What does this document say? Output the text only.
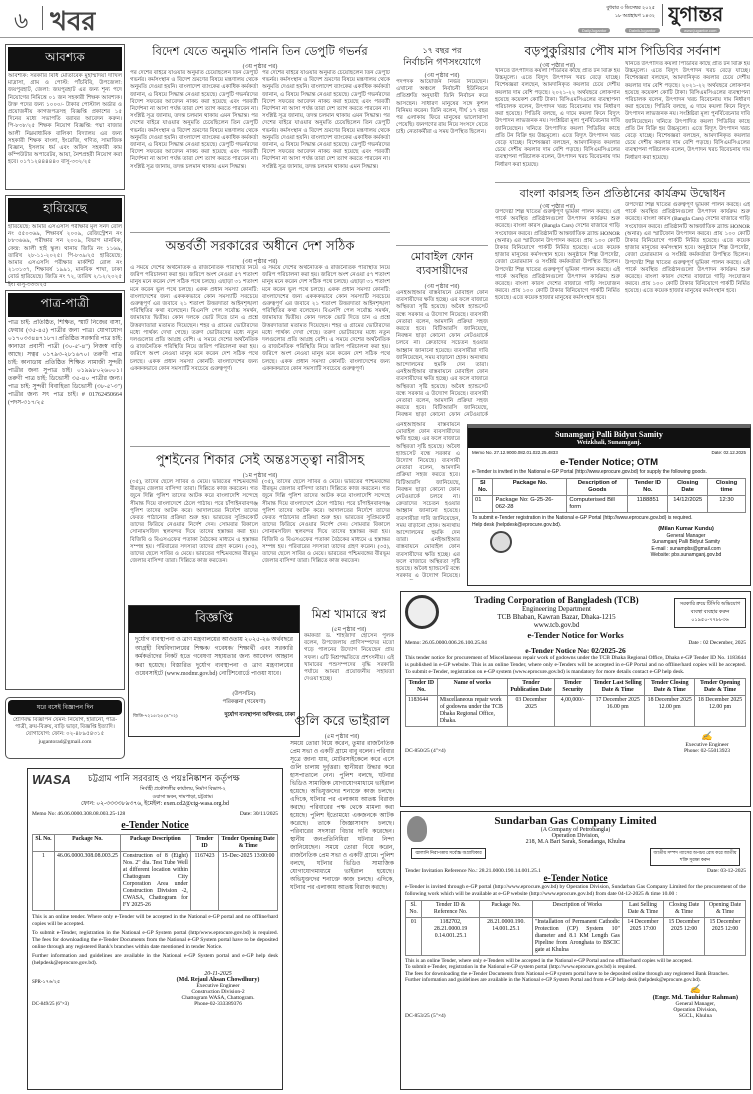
৬ খবর	বুধবার ৩ ডিসেম্বর ২০২৫
১৮ অগ্রহায়ণ ১৪৩২ যুগান্তর
DailyJugantor	DainikJugantor	www.jugantor.com
আবশ্যক
আবশ্যক: সরকারি বিধি মোতাবেক মুহাম্মদিয়া দাখিল মাদ্রাসা, গ্রাম ও পোস্ট: পাঁচবিবি, উপজেলা: জয়পুরহাট, জেলা: জয়পুরহাট এর জন্য শূন্য পদে নিয়োগের নিমিত্তে ০১ জন সহকারী শিক্ষক আবশ্যক। উক্ত পদের জন্য ১০০০/- টাকার পোস্টাল অর্ডার ও প্রয়োজনীয় কাগজপত্রসহ বিজ্ঞপ্তি প্রকাশের ১৫ দিনের মধ্যে সভাপতি বরাবর আবেদন করুন। পি-৮৩৮/২৫ শিক্ষক নিয়োগ বিজ্ঞপ্তি: পদ্মা বাজার আলী নিম্নমাধ্যমিক বালিকা বিদ্যালয় এর জন্য সহকারী শিক্ষক বাংলা, ইংরেজি, গণিত, সামাজিক বিজ্ঞান, ইসলাম ধর্ম এবং অফিস সহকারী কাম কম্পিউটার অপারেটর, আয়া, নৈশপ্রহরী নিয়োগ করা হবে। ০১৭১২৪৪৪৪৪০ বাসু-৩৩২/২৫
হারিয়েছে
হারিয়েছে: আমার এসএসসি পরীক্ষার মূল সনদ রোল নং ৫৫০৩৬৯, শিক্ষাবর্ষ ২০০৯, রেজিস্ট্রেশন নং ৮৮৩৬৬৯, পরীক্ষার সন ২০০৯, বিভাগ মানবিক, কেন্দ্র: আলী হাই স্কুল। থানায় জিডি নং ১১৬৯, তারিখ ২৮-১১-২০২৫। পি-৮৩৯/২৫ হারিয়েছে: আমার এসএসসি পরীক্ষার মার্কশিট রোল নং ২১৩১৩৭, শিক্ষাবর্ষ ১৯৯১, মানবিক শাখা, ঢাকা বোর্ড হারিয়েছে। জিডি নং ৭২, তারিখ ২/১২/২০২৫ ইং। বাসু-৩৩৩/২৫
পাত্র-পাত্রী
পাত্র চাই: প্রতিষ্ঠিত, শিক্ষিত, স্মার্ট নিজের বাসা, ফেয়ার (৩৫-৪৫) পাত্রীর জন্য পাত্র। যোগাযোগ ০১৭০৩৩৪৪৭১৮৭। প্রতিষ্ঠিত সরকারি পাত্র চাই: কানাডা প্রবাসী পাত্রী (৩০-৫'-৪") নিজস্ব বাড়ি আছে। সত্বর ০১৭৯৩-২৮১৬৭০। তরুণী পাত্র চাই: কানাডায় প্রতিষ্ঠিত শিক্ষিত নামাজী সুন্দরী পাত্রীর জন্য সুপাত্র চাই। ০১৯৯৮০২৬০০১। তরুণী পাত্র চাই: ডিভোর্সী ৩৫-৪০ পাত্রীর জন্য। পাত্র চাই: সুন্দরী বিবাহিতা ডিভোর্সী (৩৮-৫'-৩") পাত্রীর জন্য সৎ পাত্র চাই। # 01762450664 (পদস-৩১৭/২৫
ঘরে বসেই বিজ্ঞাপন দিন
শ্রেণিবদ্ধ বিজ্ঞাপন যেমন: নিয়োগ, হারানো, পাত্র-পাত্রী, ক্রয়-বিক্রয়, বাড়ি ভাড়া, বিজ্ঞপ্তি ইত্যাদি। যোগাযোগ: ফোন: ০২-৪৮৯৫৪৩১৫ jugantorad@gmail.com
বিদেশ যেতে অনুমতি পাননি তিন ডেপুটি গভর্নর
(৩য় পৃষ্ঠার পর)
পর দেশের বাইরে যাওয়ার অনুমতি চেয়েছিলেন তিন ডেপুটি গভর্নর। কর্মসংস্থান ও বিদেশ ভ্রমণের বিষয়ে মন্ত্রণালয় থেকে অনুমতি দেওয়া হয়নি। বাংলাদেশ ব্যাংকের একাধিক কর্মকর্তা জানান, এ বিষয়ে সিদ্ধান্ত নেওয়া হয়েছে। ডেপুটি গভর্নরদের বিদেশ সফরের আবেদন নাকচ করা হয়েছে এবং পরবর্তী নির্দেশনা না আসা পর্যন্ত তারা দেশ ত্যাগ করতে পারবেন না। সংশ্লিষ্ট সূত্র জানায়, তদন্ত চলমান থাকায় এমন সিদ্ধান্ত। পর দেশের বাইরে যাওয়ার অনুমতি চেয়েছিলেন তিন ডেপুটি গভর্নর। কর্মসংস্থান ও বিদেশ ভ্রমণের বিষয়ে মন্ত্রণালয় থেকে অনুমতি দেওয়া হয়নি। বাংলাদেশ ব্যাংকের একাধিক কর্মকর্তা জানান, এ বিষয়ে সিদ্ধান্ত নেওয়া হয়েছে। ডেপুটি গভর্নরদের বিদেশ সফরের আবেদন নাকচ করা হয়েছে এবং পরবর্তী নির্দেশনা না আসা পর্যন্ত তারা দেশ ত্যাগ করতে পারবেন না। সংশ্লিষ্ট সূত্র জানায়, তদন্ত চলমান থাকায় এমন সিদ্ধান্ত।
পর দেশের বাইরে যাওয়ার অনুমতি চেয়েছিলেন তিন ডেপুটি গভর্নর। কর্মসংস্থান ও বিদেশ ভ্রমণের বিষয়ে মন্ত্রণালয় থেকে অনুমতি দেওয়া হয়নি। বাংলাদেশ ব্যাংকের একাধিক কর্মকর্তা জানান, এ বিষয়ে সিদ্ধান্ত নেওয়া হয়েছে। ডেপুটি গভর্নরদের বিদেশ সফরের আবেদন নাকচ করা হয়েছে এবং পরবর্তী নির্দেশনা না আসা পর্যন্ত তারা দেশ ত্যাগ করতে পারবেন না। সংশ্লিষ্ট সূত্র জানায়, তদন্ত চলমান থাকায় এমন সিদ্ধান্ত। পর দেশের বাইরে যাওয়ার অনুমতি চেয়েছিলেন তিন ডেপুটি গভর্নর। কর্মসংস্থান ও বিদেশ ভ্রমণের বিষয়ে মন্ত্রণালয় থেকে অনুমতি দেওয়া হয়নি। বাংলাদেশ ব্যাংকের একাধিক কর্মকর্তা জানান, এ বিষয়ে সিদ্ধান্ত নেওয়া হয়েছে। ডেপুটি গভর্নরদের বিদেশ সফরের আবেদন নাকচ করা হয়েছে এবং পরবর্তী নির্দেশনা না আসা পর্যন্ত তারা দেশ ত্যাগ করতে পারবেন না। সংশ্লিষ্ট সূত্র জানায়, তদন্ত চলমান থাকায় এমন সিদ্ধান্ত।
অন্তর্বর্তী সরকারের অধীনে দেশ সঠিক
(৩য় পৃষ্ঠার পর)
এ সময়ে দেশের অর্থনৈতিক ও রাজনৈতিক পরিস্থিতি নিয়ে জরিপ পরিচালনা করা হয়। জরিপে অংশ নেওয়া ৫৭ শতাংশ মানুষ মনে করেন দেশ সঠিক পথে চলছে। এছাড়া ৩১ শতাংশ মনে করেন ভুল পথে চলছে। একক প্রধান সমস্যা কোনটি: বাংলাদেশের জন্য একককভাবে কোন সমস্যাটি সবচেয়ে গুরুত্বপূর্ণ এর জবাবে ২১ শতাংশ উত্তরদাতা আইনশৃঙ্খলা পরিস্থিতির কথা বলেছেন। বিএনপি পেল সর্বোচ্চ সমর্থন, জামায়াত দ্বিতীয়। কোন দলকে ভোট দিতে চান এ প্রশ্নে উত্তরদাতারা মতামত দিয়েছেন। শহর ও গ্রামের ভোটারদের মধ্যে পার্থক্য দেখা গেছে। তরুণ ভোটারদের মধ্যে নতুন দলগুলোর প্রতি আগ্রহ বেশি। এ সময়ে দেশের অর্থনৈতিক ও রাজনৈতিক পরিস্থিতি নিয়ে জরিপ পরিচালনা করা হয়। জরিপে অংশ নেওয়া মানুষ মনে করেন দেশ সঠিক পথে চলছে। একক প্রধান সমস্যা কোনটি: বাংলাদেশের জন্য একককভাবে কোন সমস্যাটি সবচেয়ে গুরুত্বপূর্ণ।
এ সময়ে দেশের অর্থনৈতিক ও রাজনৈতিক পরিস্থিতি নিয়ে জরিপ পরিচালনা করা হয়। জরিপে অংশ নেওয়া ৫৭ শতাংশ মানুষ মনে করেন দেশ সঠিক পথে চলছে। এছাড়া ৩১ শতাংশ মনে করেন ভুল পথে চলছে। একক প্রধান সমস্যা কোনটি: বাংলাদেশের জন্য একককভাবে কোন সমস্যাটি সবচেয়ে গুরুত্বপূর্ণ এর জবাবে ২১ শতাংশ উত্তরদাতা আইনশৃঙ্খলা পরিস্থিতির কথা বলেছেন। বিএনপি পেল সর্বোচ্চ সমর্থন, জামায়াত দ্বিতীয়। কোন দলকে ভোট দিতে চান এ প্রশ্নে উত্তরদাতারা মতামত দিয়েছেন। শহর ও গ্রামের ভোটারদের মধ্যে পার্থক্য দেখা গেছে। তরুণ ভোটারদের মধ্যে নতুন দলগুলোর প্রতি আগ্রহ বেশি। এ সময়ে দেশের অর্থনৈতিক ও রাজনৈতিক পরিস্থিতি নিয়ে জরিপ পরিচালনা করা হয়। জরিপে অংশ নেওয়া মানুষ মনে করেন দেশ সঠিক পথে চলছে। একক প্রধান সমস্যা কোনটি: বাংলাদেশের জন্য একককভাবে কোন সমস্যাটি সবচেয়ে গুরুত্বপূর্ণ।
পুশইনের শিকার সেই অন্তঃসত্ত্বা নারীসহ
(১ম পৃষ্ঠার পর)
(৩৫), তাদের ছেলে সাবির ও মেয়ে। ভারতের পশ্চিমবঙ্গের বীরভূম জেলার বাসিন্দা তারা। দিল্লিতে কাজ করতেন। গত জুনে দিল্লি পুলিশ তাদের আটক করে বাংলাদেশি সন্দেহে সীমান্ত দিয়ে বাংলাদেশে ঠেলে পাঠায়। পরে চাঁপাইনবাবগঞ্জ পুলিশ তাদের আটক করে। আদালতের নির্দেশে তাদের ফেরত পাঠানোর প্রক্রিয়া শুরু হয়। ভারতের সুপ্রিমকোর্ট তাদের ফিরিয়ে নেওয়ার নির্দেশ দেন। সোমবার বিকালে সোনামসজিদ স্থলবন্দর দিয়ে তাদের হস্তান্তর করা হয়। বিজিবি ও বিএসএফের পতাকা বৈঠকের মাধ্যমে এ হস্তান্তর সম্পন্ন হয়। পরিবারের সদস্যরা তাদের গ্রহণ করেন। (৩৫), তাদের ছেলে সাবির ও মেয়ে। ভারতের পশ্চিমবঙ্গের বীরভূম জেলার বাসিন্দা তারা। দিল্লিতে কাজ করতেন।
(৩৫), তাদের ছেলে সাবির ও মেয়ে। ভারতের পশ্চিমবঙ্গের বীরভূম জেলার বাসিন্দা তারা। দিল্লিতে কাজ করতেন। গত জুনে দিল্লি পুলিশ তাদের আটক করে বাংলাদেশি সন্দেহে সীমান্ত দিয়ে বাংলাদেশে ঠেলে পাঠায়। পরে চাঁপাইনবাবগঞ্জ পুলিশ তাদের আটক করে। আদালতের নির্দেশে তাদের ফেরত পাঠানোর প্রক্রিয়া শুরু হয়। ভারতের সুপ্রিমকোর্ট তাদের ফিরিয়ে নেওয়ার নির্দেশ দেন। সোমবার বিকালে সোনামসজিদ স্থলবন্দর দিয়ে তাদের হস্তান্তর করা হয়। বিজিবি ও বিএসএফের পতাকা বৈঠকের মাধ্যমে এ হস্তান্তর সম্পন্ন হয়। পরিবারের সদস্যরা তাদের গ্রহণ করেন। (৩৫), তাদের ছেলে সাবির ও মেয়ে। ভারতের পশ্চিমবঙ্গের বীরভূম জেলার বাসিন্দা তারা। দিল্লিতে কাজ করতেন।
বিজ্ঞপ্তি
দুর্যোগ ব্যবস্থাপনা ও ত্রাণ মন্ত্রণালয়ের আওতায় ২০২৫-২৬ অর্থবছরে আগ্রহী বিশ্ববিদ্যালয়ের শিক্ষক/ গবেষক/ শিক্ষার্থী এবং সরকারি কর্মকর্তাদের নিকট হতে গবেষণা সহায়তার জন্য আবেদন আহ্বান করা হয়েছে। বিস্তারিত দুর্যোগ ব্যবস্থাপনা ও ত্রাণ মন্ত্রণালয়ের ওয়েবসাইটে (www.modmr.gov.bd) নোটিশবোর্ডে পাওয়া যাবে।
(উপসচিব)
পরিকল্পনা (গবেষণা)
জিডি-৭২১৫/২৫ (৪"×২)	দুর্যোগ ব্যবস্থাপনা অধিদপ্তর, ঢাকা
মিশ্র খামারে স্বপ্ন
(৫ম পৃষ্ঠার পর)
কর্মকর্তা ড. শাহজাদা হোসেন পুলক বলেন, উপজেলায় প্রাণিসম্পদের মতো গড়ে পালনের উদ্যোগ নিয়েছেন প্রায় সফল। এটি মিশ্রপদ্ধতিতে প্রশংসনীয়। এই খামারের পশুসম্পদের বৃদ্ধি সরকারি পর্যায়ে আমরা প্রয়োজনীয় সহায়তা দেওয়া হচ্ছে।
গুলি করে ভাইরাল
(৫ম পৃষ্ঠার পর)
সময়ে তোরা বিয়ে করেন, তুমার রাজনৈতিক প্রেম সভা ও একটি গ্রামে বাবু বলেন। পরিবার সূত্রে জানা যায়, মোটরসাইকেলে করে এসে গুলি চালায় দুর্বৃত্তরা। স্থানীয়রা উদ্ধার করে হাসপাতালে নেন। পুলিশ বলছে, ঘটনার ভিডিও সামাজিক যোগাযোগমাধ্যমে ভাইরাল হয়েছে। অভিযুক্তদের শনাক্তে কাজ চলছে। এদিকে, ঘটনার পর এলাকায় আতঙ্ক বিরাজ করছে। পরিবারের পক্ষ থেকে মামলা করা হয়েছে। পুলিশ ইতোমধ্যে একজনকে আটক করেছে। তাকে জিজ্ঞাসাবাদ চলছে। পরিবারের সদস্যরা বিচার দাবি করেছেন। স্থানীয় জনপ্রতিনিধিরা ঘটনার নিন্দা জানিয়েছেন। সময়ে তোরা বিয়ে করেন, রাজনৈতিক প্রেম সভা ও একটি গ্রামে। পুলিশ বলছে, ঘটনার ভিডিও সামাজিক যোগাযোগমাধ্যমে ভাইরাল হয়েছে। অভিযুক্তদের শনাক্তে কাজ চলছে। এদিকে, ঘটনার পর এলাকায় আতঙ্ক বিরাজ করছে।
WASA	চট্টগ্রাম পানি সরবরাহ ও পয়ঃনিষ্কাশন কর্তৃপক্ষ
নির্বাহী প্রকৌশলীর কার্যালয়, নির্মাণ বিভাগ-২
ওয়াসা ভবন, দামপাড়া, চট্টগ্রাম।
ফোন: ০২-৩৩৩৩৮৯৩৭৬, ইমেইল: exen.cd2@ctg-wasa.org.bd
Memo No: 46.06.0000.308.08.003.25-128	Date: 30/11/2025
e-Tender Notice
Sl. No.	Package No.	Package Description	Tender ID	Tender Opening Date & Time
1	46.06.0000.308.08.003.25	Construction of 8 (Eight) Nos. 2" dia. Test Tube Well at different location within Chattogram City Corporation Area under Construction Division -2, CWASA, Chattogram for FY 2025-26	1167423	15-Dec-2025 13:00:00

This is an online tender. Where only e-Tender will be accepted in the National e-GP portal and no offline/hard copies will be accepted.

To submit e-Tender, registration in the National e-GP System portal (http/www.eprocure.gov.bd) is required. The fees for downloading the e-Tender Documents from the National e-GP System portal have to be deposited online through any registered Bank's branches within date mentioned in tender Notice.

Further information and guidelines are available in the National e-GP System portal and e-GP help desk (helpdesk@eprocure.gov.bd).

SPR-১৭৬/২৫
DC-849/25 (6"×3)
20-11-2025
(Md. Rejaul Ahsan Chowdhury)
Executive Engineer
Construction Division-2
Chattogram WASA, Chattogram.
Phone-02-333389376
১৭ বছর পর
নির্বাচনি গণসংযোগে
(৩য় পৃষ্ঠার পর)
পদপদক আয়োজন নির্ভর নিয়েছেন। এখানো অঞ্চলে নির্বাচনী ইউনিয়নে প্রতিশ্রুতি অনুযায়ী তিনি নির্বাচন করে আসছেন। সাধারণ মানুষের সঙ্গে কুশল বিনিময় করেন। তিনি বলেন, দীর্ঘ ১৭ বছর পর এলাকায় ফিরে মানুষের ভালোবাসা পেয়েছি। জনগণের রায় নিয়ে সংসদে যেতে চাই। নেতাকর্মীরা এ সময় উপস্থিত ছিলেন।
মোবাইল ফোন ব্যবসায়ীদের
(৩য় পৃষ্ঠার পর)
এনইআইআর বাস্তবায়নে মোবাইল ফোন ব্যবসায়ীদের ক্ষতি হচ্ছে। এর ফলে বাজারে অস্থিরতা সৃষ্টি হয়েছে। অবৈধ হ্যান্ডসেট বন্ধে সরকার এ উদ্যোগ নিয়েছে। ব্যবসায়ী নেতারা বলেন, আমদানি প্রক্রিয়া সহজ করতে হবে। বিটিআরসি জানিয়েছে, নিবন্ধন ছাড়া কোনো ফোন নেটওয়ার্কে চলবে না। ক্রেতাদের সচেতন হওয়ার আহ্বান জানানো হয়েছে। ব্যবসায়ীরা দাবি জানিয়েছেন, সময় বাড়ানো হোক। অন্যথায় আন্দোলনের হুমকি দেন তারা। এনইআইআর বাস্তবায়নে মোবাইল ফোন ব্যবসায়ীদের ক্ষতি হচ্ছে। এর ফলে বাজারে অস্থিরতা সৃষ্টি হয়েছে। অবৈধ হ্যান্ডসেট বন্ধে সরকার এ উদ্যোগ নিয়েছে। ব্যবসায়ী নেতারা বলেন, আমদানি প্রক্রিয়া সহজ করতে হবে। বিটিআরসি জানিয়েছে, নিবন্ধন ছাড়া কোনো ফোন নেটওয়ার্কে
এনইআইআর বাস্তবায়নে মোবাইল ফোন ব্যবসায়ীদের ক্ষতি হচ্ছে। এর ফলে বাজারে অস্থিরতা সৃষ্টি হয়েছে। অবৈধ হ্যান্ডসেট বন্ধে সরকার এ উদ্যোগ নিয়েছে। ব্যবসায়ী নেতারা বলেন, আমদানি প্রক্রিয়া সহজ করতে হবে। বিটিআরসি জানিয়েছে, নিবন্ধন ছাড়া কোনো ফোন নেটওয়ার্কে চলবে না। ক্রেতাদের সচেতন হওয়ার আহ্বান জানানো হয়েছে। ব্যবসায়ীরা দাবি জানিয়েছেন, সময় বাড়ানো হোক। অন্যথায় আন্দোলনের হুমকি দেন তারা। এনইআইআর বাস্তবায়নে মোবাইল ফোন ব্যবসায়ীদের ক্ষতি হচ্ছে। এর ফলে বাজারে অস্থিরতা সৃষ্টি হয়েছে। অবৈধ হ্যান্ডসেট বন্ধে সরকার এ উদ্যোগ নিয়েছে।
বড়পুকুরিয়ার পৌষ মাস পিডিবির সর্বনাশ
(৩য় পৃষ্ঠার পর)
খনিতে উৎপাদিত কয়লা পিডিবির কাছে প্রতি টন বিক্রি হয় উচ্চমূল্যে। এতে বিদ্যুৎ উৎপাদন খরচ বেড়ে যাচ্ছে। বিশেষজ্ঞরা বলছেন, আমদানিকৃত কয়লার চেয়ে দেশীয় কয়লার দাম বেশি পড়ছে। ২০২১-২২ অর্থবছরে লোকসান হয়েছে কয়েকশ কোটি টাকা। বিসিএমসিএলের ব্যবস্থাপনা পরিচালক বলেন, উৎপাদন খরচ বিবেচনায় দাম নির্ধারণ করা হয়েছে। পিডিবি বলছে, এ দামে কয়লা কিনে বিদ্যুৎ উৎপাদন লাভজনক নয়। সংশ্লিষ্টরা মূল্য পুনর্বিবেচনার দাবি জানিয়েছেন। খনিতে উৎপাদিত কয়লা পিডিবির কাছে প্রতি টন বিক্রি হয় উচ্চমূল্যে। এতে বিদ্যুৎ উৎপাদন খরচ বেড়ে যাচ্ছে। বিশেষজ্ঞরা বলছেন, আমদানিকৃত কয়লার চেয়ে দেশীয় কয়লার দাম বেশি পড়ছে। বিসিএমসিএলের ব্যবস্থাপনা পরিচালক বলেন, উৎপাদন খরচ বিবেচনায় দাম নির্ধারণ করা হয়েছে।
খনিতে উৎপাদিত কয়লা পিডিবির কাছে প্রতি টন বিক্রি হয় উচ্চমূল্যে। এতে বিদ্যুৎ উৎপাদন খরচ বেড়ে যাচ্ছে। বিশেষজ্ঞরা বলছেন, আমদানিকৃত কয়লার চেয়ে দেশীয় কয়লার দাম বেশি পড়ছে। ২০২১-২২ অর্থবছরে লোকসান হয়েছে কয়েকশ কোটি টাকা। বিসিএমসিএলের ব্যবস্থাপনা পরিচালক বলেন, উৎপাদন খরচ বিবেচনায় দাম নির্ধারণ করা হয়েছে। পিডিবি বলছে, এ দামে কয়লা কিনে বিদ্যুৎ উৎপাদন লাভজনক নয়। সংশ্লিষ্টরা মূল্য পুনর্বিবেচনার দাবি জানিয়েছেন। খনিতে উৎপাদিত কয়লা পিডিবির কাছে প্রতি টন বিক্রি হয় উচ্চমূল্যে। এতে বিদ্যুৎ উৎপাদন খরচ বেড়ে যাচ্ছে। বিশেষজ্ঞরা বলছেন, আমদানিকৃত কয়লার চেয়ে দেশীয় কয়লার দাম বেশি পড়ছে। বিসিএমসিএলের ব্যবস্থাপনা পরিচালক বলেন, উৎপাদন খরচ বিবেচনায় দাম নির্ধারণ করা হয়েছে।
বাংলা কারসহ তিন প্রতিষ্ঠানের কার্যক্রম উদ্বোধন
(৩য় পৃষ্ঠার পর)
উপদেষ্টা শিল্প খাতের গুরুত্বপূর্ণ ভূমিকা পালন করছে। এই পার্কে অবস্থিত প্রতিষ্ঠানগুলো উৎপাদন কার্যক্রম শুরু করেছে। বাংলা কারস (Bangla Cars) দেশের বাজারে গাড়ি সংযোজন করবে। প্রতিষ্ঠানটি আন্তর্জাতিক ব্র্যান্ড HONOR (অনার) এর স্মার্টফোন উৎপাদন করবে। প্রায় ১০০ কোটি টাকার বিনিয়োগে পার্কটি নির্মিত হয়েছে। এতে কয়েক হাজার মানুষের কর্মসংস্থান হবে। অনুষ্ঠানে শিল্প উপদেষ্টা, বেজা চেয়ারম্যান ও সংশ্লিষ্ট কর্মকর্তারা উপস্থিত ছিলেন। উপদেষ্টা শিল্প খাতের গুরুত্বপূর্ণ ভূমিকা পালন করছে। এই পার্কে অবস্থিত প্রতিষ্ঠানগুলো উৎপাদন কার্যক্রম শুরু করেছে। বাংলা কারস দেশের বাজারে গাড়ি সংযোজন করবে। প্রায় ১০০ কোটি টাকার বিনিয়োগে পার্কটি নির্মিত হয়েছে। এতে কয়েক হাজার মানুষের কর্মসংস্থান হবে।
উপদেষ্টা শিল্প খাতের গুরুত্বপূর্ণ ভূমিকা পালন করছে। এই পার্কে অবস্থিত প্রতিষ্ঠানগুলো উৎপাদন কার্যক্রম শুরু করেছে। বাংলা কারস (Bangla Cars) দেশের বাজারে গাড়ি সংযোজন করবে। প্রতিষ্ঠানটি আন্তর্জাতিক ব্র্যান্ড HONOR (অনার) এর স্মার্টফোন উৎপাদন করবে। প্রায় ১০০ কোটি টাকার বিনিয়োগে পার্কটি নির্মিত হয়েছে। এতে কয়েক হাজার মানুষের কর্মসংস্থান হবে। অনুষ্ঠানে শিল্প উপদেষ্টা, বেজা চেয়ারম্যান ও সংশ্লিষ্ট কর্মকর্তারা উপস্থিত ছিলেন। উপদেষ্টা শিল্প খাতের গুরুত্বপূর্ণ ভূমিকা পালন করছে। এই পার্কে অবস্থিত প্রতিষ্ঠানগুলো উৎপাদন কার্যক্রম শুরু করেছে। বাংলা কারস দেশের বাজারে গাড়ি সংযোজন করবে। প্রায় ১০০ কোটি টাকার বিনিয়োগে পার্কটি নির্মিত হয়েছে। এতে কয়েক হাজার মানুষের কর্মসংস্থান হবে।
Sunamganj Palli Bidyut Samity
Weizkhali, Sunamganj.
Memo No. 27.12.9000.082.01.022.25.4833	Date: 02.12.2025
e-Tender Notice; OTM
e-Tender is invited in the National e-GP Portal (http://www.eprocure.gov.bd) for supply the following goods.
Sl No.	Package No.	Description of Goods	Tender ID No.	Closing Date	Closing time
01	Package No: G-25-26-062-28	Computerised Bill form	1188851	14/12/2025	12:30
To submit e-Tender registration in the National e-GP Portal (http://www.eprocure.gov.bd) is required.
Help desk (helpdesk@eprocure.gov.bd).
(Milan Kumar Kundu)
General Manager
Sunamganj Palli Bidyut Samity
E-mail : sunampbs@gmail.com
Website: pbs.sunamganj.gov.bd
Trading Corporation of Bangladesh (TCB)
Engineering Department
TCB Bhaban, Kawran Bazar, Dhaka-1215
www.tcb.gov.bd
সরকারি ক্রয়ে টিসিবি অভিযোগ ব্যবস্থা ব্যবহার করুন ০১৯৫০-৭৭৮৮৩৬
e-Tender Notice for Works
Memo: 26.05.0000.006.26.100.25.84	Date : 02 December, 2025
e-Tender Notice No: 02/2025-26
This tender notice for procurement of Miscellaneous repair work of godowns under the TCB Dhaka Regional Office, Dhaka e-GP Tender ID No. 1183644 is published in e-GP website. This is an online Tender, where only e-Tenders will be accepted in e-GP Portal and no offline/hard copies will be accepted. To submit e-Tender, registration on e-GP system (www.eprocure.gov.bd) is mandatory for more details contact e-GP help desk.
Tender ID No.	Name of works	Tender Publication Date	Tender Security	Tender Last Selling Date & Time	Tender Closing Date & Time	Tender Opening Date & Time
1183644	Miscellaneous repair work of godowns under the TCB Dhaka Regional Office, Dhaka.	03 December 2025	4,00,000/-	17 December 2025 16.00 pm	18 December 2025 12.00 pm	18 December 2025 12.00 pm
DC-850/25 (4"×4)
✍
Executive Engineer
Phone: 02-55013923
Sundarban Gas Company Limited
(A Company of Petrobangla)
Operation Division,
218, M.A Bari Sarak, Sonadanga, Khulna
জ্বালানি নিরাপত্তায় সর্বোচ্চ অগ্রাধিকার	জাতীয় সম্পদ গ্যাসের অপচয় রোধ করে জাতীয় শক্তি সুরক্ষা করুন
Tender Invitation Reference No.: 28.21.0000.190.14.001.25.1	Date: 03-12-2025
e-Tender Notice
e-Tender is invited through e-GP portal (http://www.eprocure.gov.bd) by Operation Division, Sundarban Gas Company Limited for the procurement of the following work which will be available at e-GP website (http://www.eprocure.gov.bd) from date 04-12-2025 & time 10.00 :
Sl. No.	Tender ID & Reference No.	Package No.	Description of Works	Last Selling Date & Time	Closing Date & Time	Opening Date & Time
01	1182702, 28.21.0000.19 0.14.001.25.1	28.21.0000.190. 14.001.25.1	"Installation of Permanent Cathodic Protection (CP) System 10" diameter and 8.1 KM Length Gas Pipeline from Aronghata to BSCIC gate at Khulna	14 December 2025 17:00	15 December 2025 12:00	15 December 2025 12:00

This is an online Tender, where only e-Tenders will be accepted in the National e-GP Portal and no offline/hard copies will be accepted.

To submit e-Tender, registration in the National e-GP system portal (http://www.eprocure.gov.bd) is required.

The fees for downloading the e-Tender Documents from National e-GP system portal have to be deposited online through any registered Bank Branches.

Further information and guidelines are available in the National e-GP System Portal and from e-GP help desk (helpdesk@eprocure.gov.bd).

DC-853/25 (5"×4)
✍
(Engr. Md. Tauhidur Rahman)
General Manager,
Operation Division,
SGCL, Khulna
